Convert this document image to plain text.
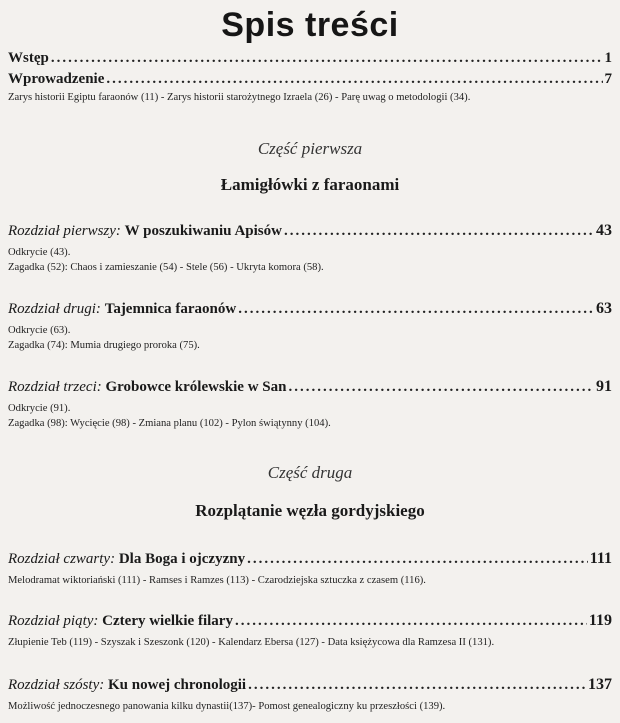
Spis treści
Wstęp .....	1
Wprowadzenie .....	7
Zarys historii Egiptu faraonów (11) - Zarys historii starożytnego Izraela (26) - Parę uwag o metodologii (34).
Część pierwsza
Łamigłówki z faraonami
Rozdział pierwszy: W poszukiwaniu Apisów .....	43
Odkrycie (43).
Zagadka (52): Chaos i zamieszanie (54) - Stele (56) - Ukryta komora (58).
Rozdział drugi: Tajemnica faraonów .....	63
Odkrycie (63).
Zagadka (74): Mumia drugiego proroka (75).
Rozdział trzeci: Grobowce królewskie w San .....	91
Odkrycie (91).
Zagadka (98): Wycięcie (98) - Zmiana planu (102) - Pylon świątynny (104).
Część druga
Rozplątanie węzła gordyjskiego
Rozdział czwarty: Dla Boga i ojczyzny .....	111
Melodramat wiktoriański (111) - Ramses i Ramzes (113) - Czarodziejska sztuczka z czasem (116).
Rozdział piąty: Cztery wielkie filary .....	119
Złupienie Teb (119) - Szyszak i Szeszonk (120) - Kalendarz Ebersa (127) - Data księżycowa dla Ramzesa II (131).
Rozdział szósty: Ku nowej chronologii .....	137
Możliwość jednoczesnego panowania kilku dynastii(137)- Pomost genealogiczny ku przeszłości (139).
